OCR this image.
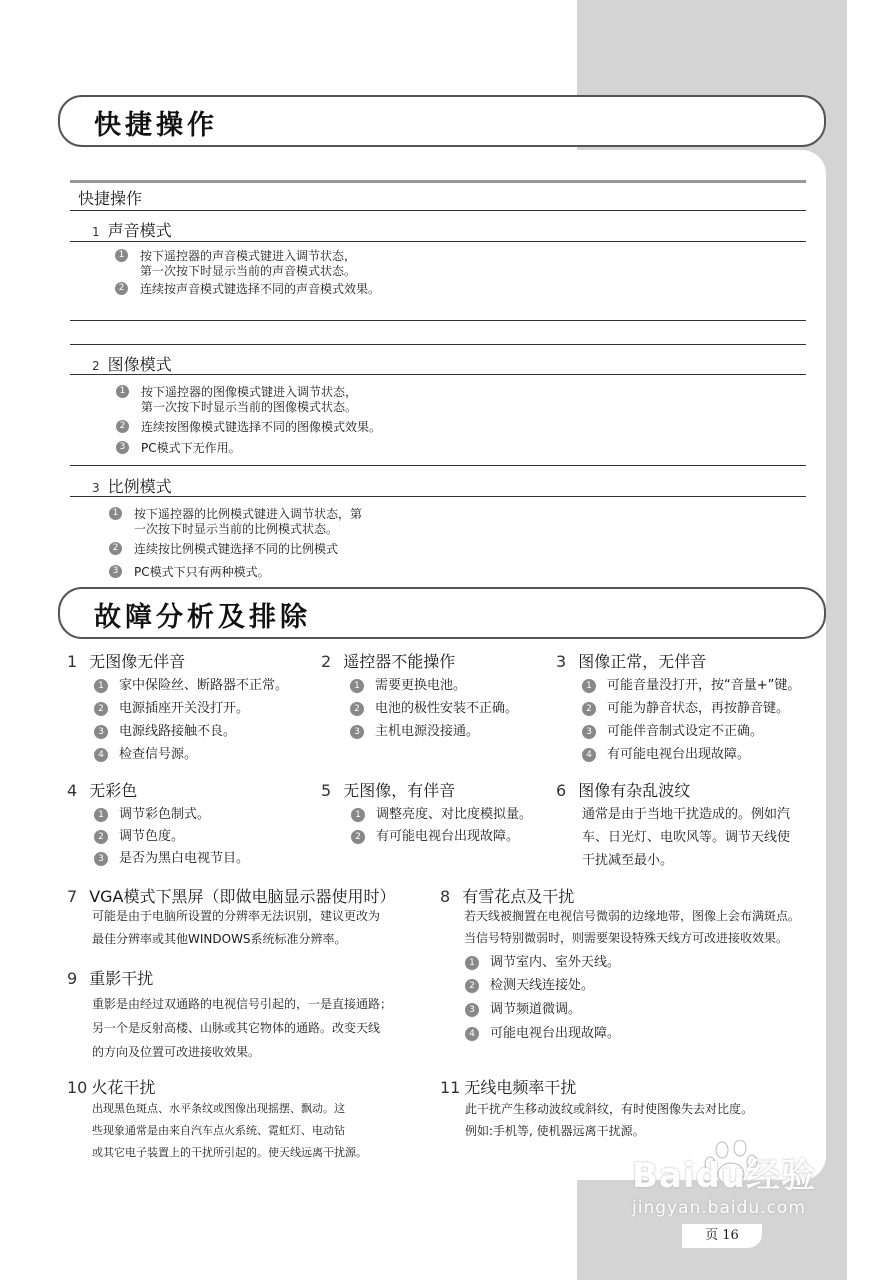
快捷操作
快捷操作
1 声音模式
1	按下遥控器的声音模式键进入调节状态，
第一次按下时显示当前的声音模式状态。
2	连续按声音模式键选择不同的声音模式效果。
2 图像模式
1	按下遥控器的图像模式键进入调节状态，
第一次按下时显示当前的图像模式状态。
2	连续按图像模式键选择不同的图像模式效果。
3	PC模式下无作用。
3 比例模式
1	按下遥控器的比例模式键进入调节状态，第
一次按下时显示当前的比例模式状态。
2	连续按比例模式键选择不同的比例模式
3	PC模式下只有两种模式。
故障分析及排除
1 无图像无伴音
1	家中保险丝、断路器不正常。
2	电源插座开关没打开。
3	电源线路接触不良。
4	检查信号源。
2 遥控器不能操作
1	需要更换电池。
2	电池的极性安装不正确。
3	主机电源没接通。
3 图像正常，无伴音
1	可能音量没打开，按“音量+”键。
2	可能为静音状态，再按静音键。
3	可能伴音制式设定不正确。
4	有可能电视台出现故障。
4 无彩色
1	调节彩色制式。
2	调节色度。
3	是否为黑白电视节目。
5 无图像，有伴音
1	调整亮度、对比度模拟量。
2	有可能电视台出现故障。
6 图像有杂乱波纹
通常是由于当地干扰造成的。例如汽
车、日光灯、电吹风等。调节天线使
干扰减至最小。
7 VGA模式下黑屏（即做电脑显示器使用时）
可能是由于电脑所设置的分辨率无法识别，建议更改为
最佳分辨率或其他WINDOWS系统标准分辨率。
8 有雪花点及干扰
若天线被搁置在电视信号微弱的边缘地带，图像上会布满斑点。
当信号特别微弱时，则需要架设特殊天线方可改进接收效果。
1	调节室内、室外天线。
2	检测天线连接处。
3	调节频道微调。
4	可能电视台出现故障。
9 重影干扰
重影是由经过双通路的电视信号引起的，一是直接通路；
另一个是反射高楼、山脉或其它物体的通路。改变天线
的方向及位置可改进接收效果。
10 火花干扰
出现黑色斑点、水平条纹或图像出现摇摆、飘动。这
些现象通常是由来自汽车点火系统、霓虹灯、电动钻
或其它电子装置上的干扰所引起的。使天线远离干扰源。
11 无线电频率干扰
此干扰产生移动波纹或斜纹，有时使图像失去对比度。
例如:手机等, 使机器远离干扰源。
Baidu经验
jingyan.baidu.com
页 16
